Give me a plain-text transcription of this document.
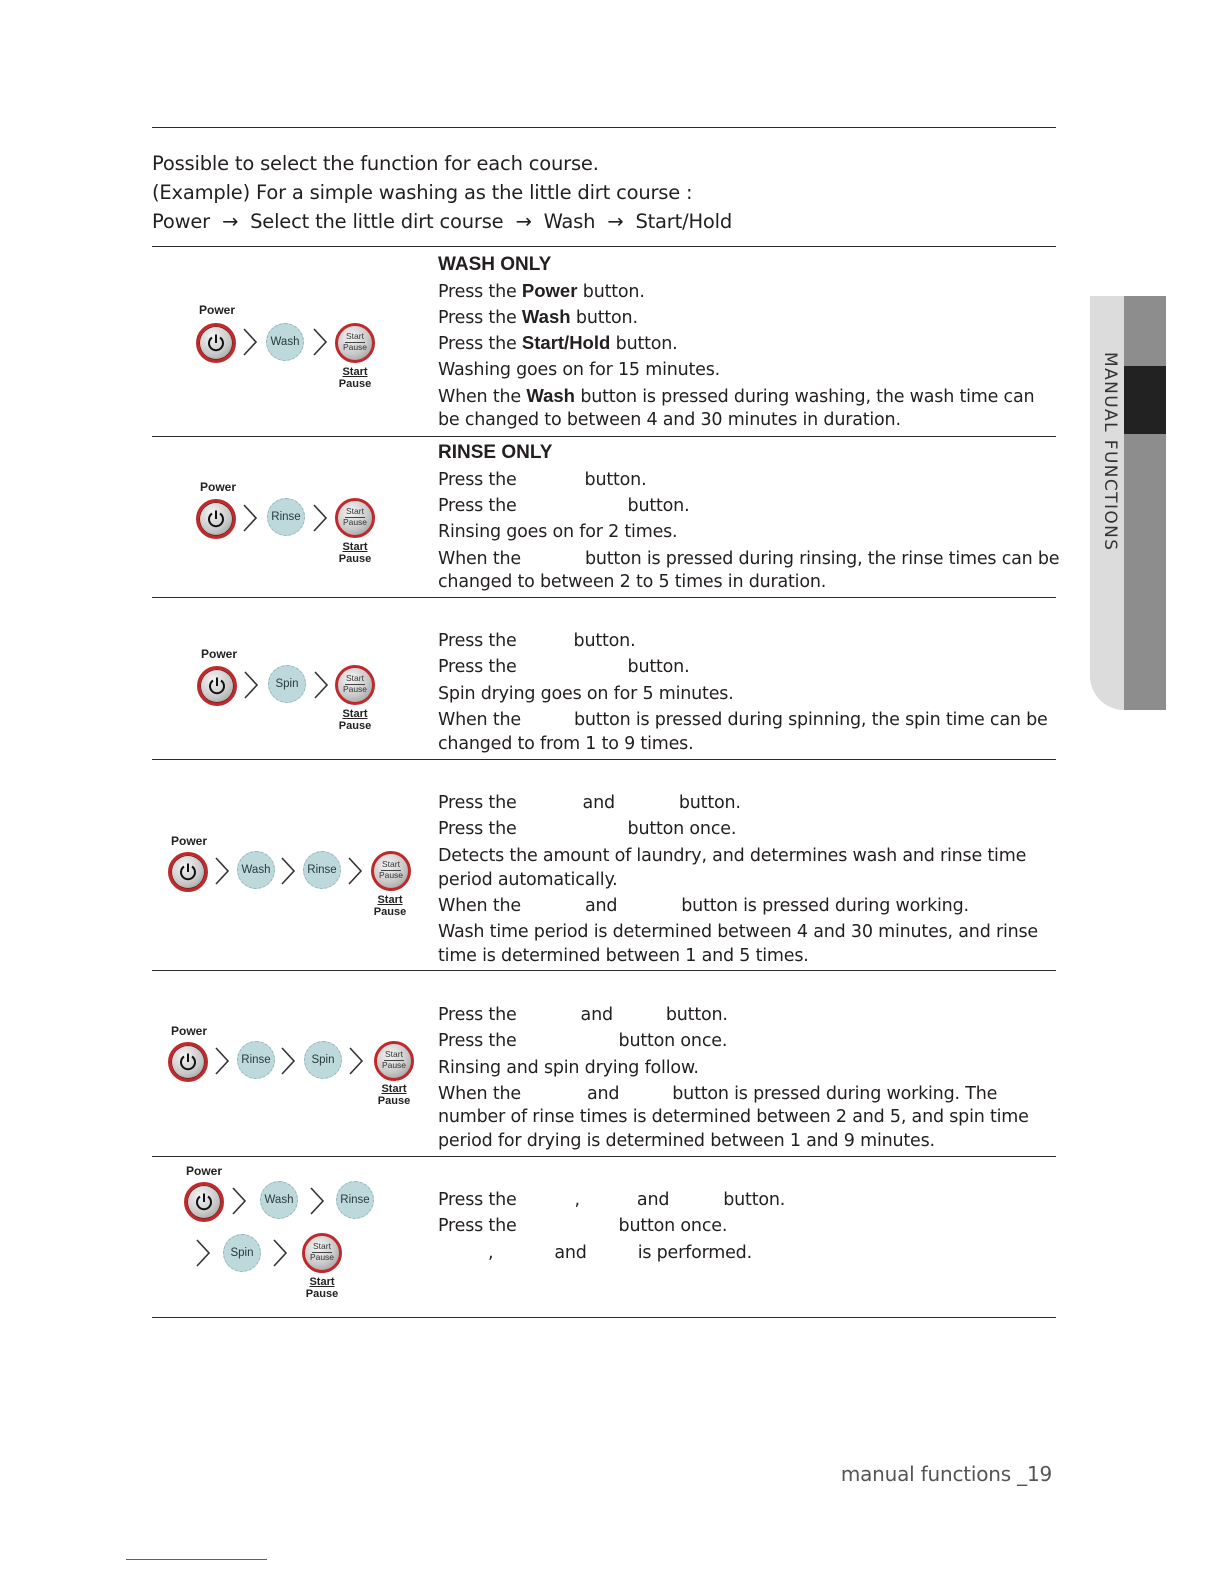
Possible to select the function for each course.
(Example) For a simple washing as the little dirt course :
Power → Select the little dirt course → Wash → Start/Hold
Power
Wash	Start
Pause
Start
Pause
WASH ONLY
Press the Power button.
Press the Wash button.
Press the Start/Hold button.
Washing goes on for 15 minutes.
When the Wash button is pressed during washing, the wash time can
be changed to between 4 and 30 minutes in duration.
Power
Rinse	Start
Pause
Start
Pause
RINSE ONLY
Press the	button.
Press the	button.
Rinsing goes on for 2 times.
When the	button is pressed during rinsing, the rinse times can be
changed to between 2 to 5 times in duration.
Power
Spin	Start
Pause
Start
Pause
Press the	button.
Press the	button.
Spin drying goes on for 5 minutes.
When the	button is pressed during spinning, the spin time can be
changed to from 1 to 9 times.
Power
Wash	Rinse	Start
Pause
Start
Pause
Press the	and	button.
Press the	button once.
Detects the amount of laundry, and determines wash and rinse time
period automatically.
When the	and	button is pressed during working.
Wash time period is determined between 4 and 30 minutes, and rinse
time is determined between 1 and 5 times.
Power
Rinse	Spin	Start
Pause
Start
Pause
Press the	and	button.
Press the	button once.
Rinsing and spin drying follow.
When the	and	button is pressed during working. The
number of rinse times is determined between 2 and 5, and spin time
period for drying is determined between 1 and 9 minutes.
Power
Wash	Rinse
Spin
Start
Pause
Start
Pause
Press the	,	and	button.
Press the	button once.
,	and	is performed.
MANUAL FUNCTIONS
manual functions _19
